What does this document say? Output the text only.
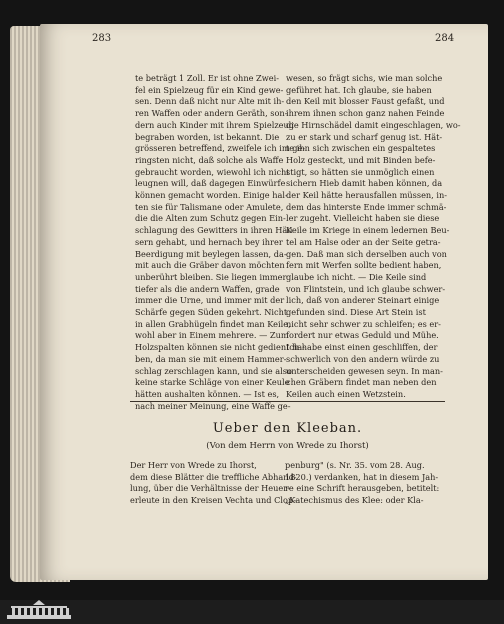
283	284
te beträgt 1 Zoll. Er ist ohne Zwei-
fel ein Spielzeug für ein Kind gewe-
sen. Denn daß nicht nur Alte mit ih-
ren Waffen oder andern Geräth, son-
dern auch Kinder mit ihrem Spielzeug
begraben worden, ist bekannt. Die
grösseren betreffend, zweifele ich im ge-
ringsten nicht, daß solche als Waffe
gebraucht worden, wiewohl ich nicht
leugnen will, daß dagegen Einwürfe
können gemacht worden. Einige hal-
ten sie für Talismane oder Amulete,
die die Alten zum Schutz gegen Ein-
schlagung des Gewitters in ihren Häu-
sern gehabt, und hernach bey ihrer
Beerdigung mit beylegen lassen, da-
mit auch die Gräber davon möchten
unberührt bleiben. Sie liegen immer
tiefer als die andern Waffen, grade
immer die Urne, und immer mit der
Schärfe gegen Süden gekehrt. Nicht
in allen Grabhügeln findet man Keile,
wohl aber in Einem mehrere. — Zum
Holzspalten können sie nicht gedient ha-
ben, da man sie mit einem Hammer-
schlag zerschlagen kann, und sie also
keine starke Schläge von einer Keule
hätten aushalten können. — Ist es,
nach meiner Meinung, eine Waffe ge-
wesen, so frägt sichs, wie man solche
geführet hat. Ich glaube, sie haben
den Keil mit blosser Faust gefaßt, und
ihrem ihnen schon ganz nahen Feinde
die Hirnschädel damit eingeschlagen, wo-
zu er stark und scharf genug ist. Hät-
te ihn sich zwischen ein gespaltetes
Holz gesteckt, und mit Binden befe-
stigt, so hätten sie unmöglich einen
sichern Hieb damit haben können, da
der Keil hätte herausfallen müssen, in-
dem das hinterste Ende immer schmä-
ler zugeht. Vielleicht haben sie diese
Keile im Kriege in einem ledernen Beu-
tel am Halse oder an der Seite getra-
gen. Daß man sich derselben auch von
fern mit Werfen sollte bedient haben,
glaube ich nicht. — Die Keile sind
von Flintstein, und ich glaube schwer-
lich, daß von anderer Steinart einige
gefunden sind. Diese Art Stein ist
nicht sehr schwer zu schleifen; es er-
fordert nur etwas Geduld und Mühe.
Ich habe einst einen geschliffen, der
schwerlich von den andern würde zu
unterscheiden gewesen seyn. In man-
chen Gräbern findet man neben den
Keilen auch einen Wetzstein.
Ueber den Kleeban.
(Von dem Herrn von Wrede zu Ihorst)
Der Herr von Wrede zu Ihorst,
dem diese Blätter die treffliche Abhand-
lung, über die Verhältnisse der Heuer-
erleute in den Kreisen Vechta und Clop-
penburg" (s. Nr. 35. vom 28. Aug.
1820.) verdanken, hat in diesem Jah-
re eine Schrift herausgeben, betitelt:
„Katechismus des Klee: oder Kla-
